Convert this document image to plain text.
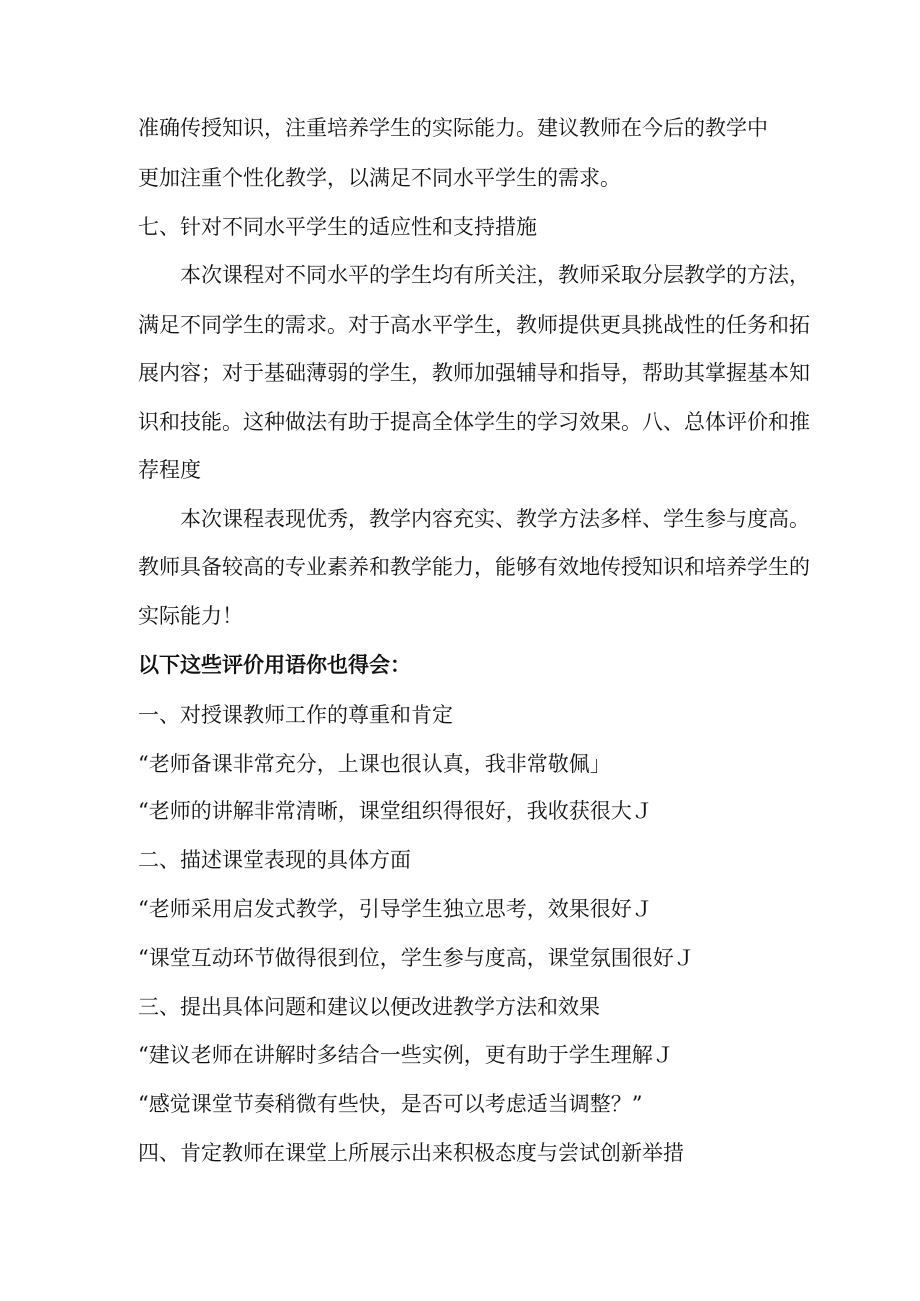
准确传授知识，注重培养学生的实际能力。建议教师在今后的教学中
更加注重个性化教学，以满足不同水平学生的需求。
七、针对不同水平学生的适应性和支持措施
本次课程对不同水平的学生均有所关注，教师采取分层教学的方法，
满足不同学生的需求。对于高水平学生，教师提供更具挑战性的任务和拓
展内容；对于基础薄弱的学生，教师加强辅导和指导，帮助其掌握基本知
识和技能。这种做法有助于提高全体学生的学习效果。八、总体评价和推
荐程度
本次课程表现优秀，教学内容充实、教学方法多样、学生参与度高。
教师具备较高的专业素养和教学能力，能够有效地传授知识和培养学生的
实际能力！
以下这些评价用语你也得会：
一、对授课教师工作的尊重和肯定
“老师备课非常充分，上课也很认真，我非常敬佩」
“老师的讲解非常清晰，课堂组织得很好，我收获很大Ｊ
二、描述课堂表现的具体方面
“老师采用启发式教学，引导学生独立思考，效果很好Ｊ
“课堂互动环节做得很到位，学生参与度高，课堂氛围很好Ｊ
三、提出具体问题和建议以便改进教学方法和效果
“建议老师在讲解时多结合一些实例，更有助于学生理解Ｊ
“感觉课堂节奏稍微有些快，是否可以考虑适当调整？”
四、肯定教师在课堂上所展示出来积极态度与尝试创新举措
